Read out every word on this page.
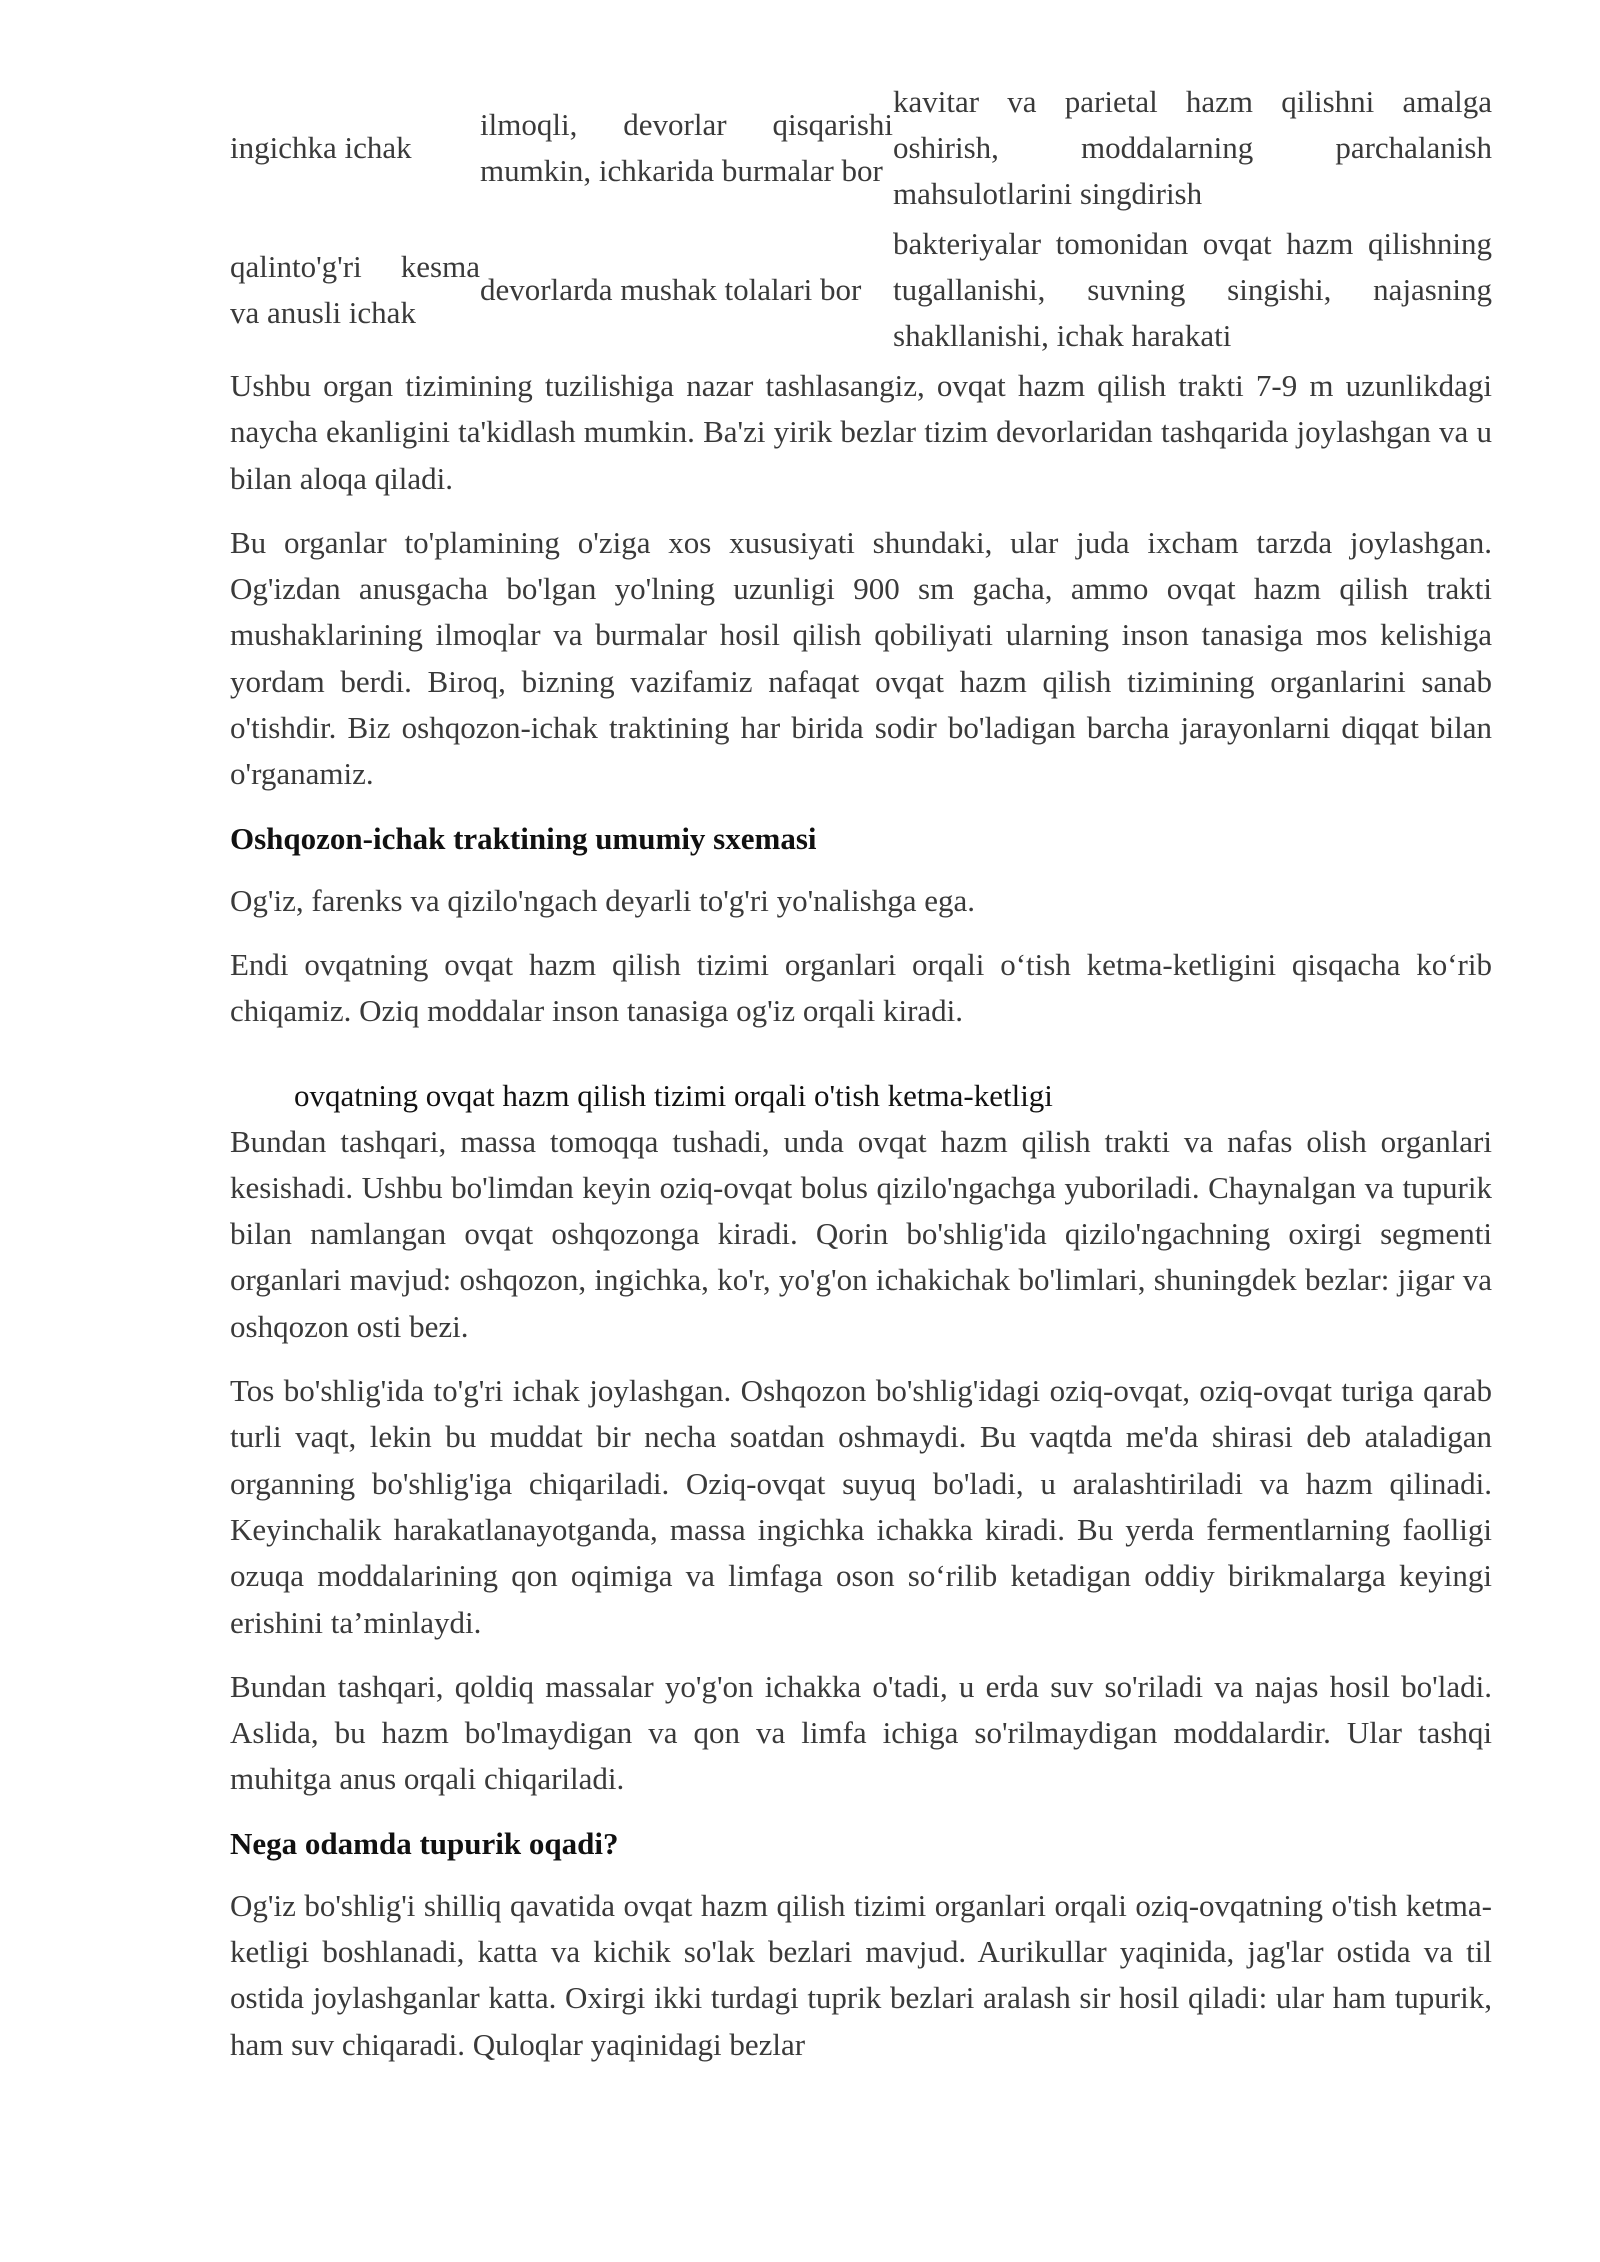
ingichka ichak	ilmoqli, devorlar qisqarishi mumkin, ichkarida burmalar bor	kavitar va parietal hazm qilishni amalga oshirish, moddalarning parchalanish mahsulotlarini singdirish

qalinto'g'ri kesma va anusli ichak	devorlarda mushak tolalari bor	bakteriyalar tomonidan ovqat hazm qilishning tugallanishi, suvning singishi, najasning shakllanishi, ichak harakati

Ushbu organ tizimining tuzilishiga nazar tashlasangiz, ovqat hazm qilish trakti 7-9 m uzunlikdagi naycha ekanligini ta'kidlash mumkin. Ba'zi yirik bezlar tizim devorlaridan tashqarida joylashgan va u bilan aloqa qiladi.

Bu organlar to'plamining o'ziga xos xususiyati shundaki, ular juda ixcham tarzda joylashgan. Og'izdan anusgacha bo'lgan yo'lning uzunligi 900 sm gacha, ammo ovqat hazm qilish trakti mushaklarining ilmoqlar va burmalar hosil qilish qobiliyati ularning inson tanasiga mos kelishiga yordam berdi. Biroq, bizning vazifamiz nafaqat ovqat hazm qilish tizimining organlarini sanab o'tishdir. Biz oshqozon-ichak traktining har birida sodir bo'ladigan barcha jarayonlarni diqqat bilan o'rganamiz.

Oshqozon-ichak traktining umumiy sxemasi

Og'iz, farenks va qizilo'ngach deyarli to'g'ri yo'nalishga ega.

Endi ovqatning ovqat hazm qilish tizimi organlari orqali o‘tish ketma-ketligini qisqacha ko‘rib chiqamiz. Oziq moddalar inson tanasiga og'iz orqali kiradi.

ovqatning ovqat hazm qilish tizimi orqali o'tish ketma-ketligi

Bundan tashqari, massa tomoqqa tushadi, unda ovqat hazm qilish trakti va nafas olish organlari kesishadi. Ushbu bo'limdan keyin oziq-ovqat bolus qizilo'ngachga yuboriladi. Chaynalgan va tupurik bilan namlangan ovqat oshqozonga kiradi. Qorin bo'shlig'ida qizilo'ngachning oxirgi segmenti organlari mavjud: oshqozon, ingichka, ko'r, yo'g'on ichakichak bo'limlari, shuningdek bezlar: jigar va oshqozon osti bezi.

Tos bo'shlig'ida to'g'ri ichak joylashgan. Oshqozon bo'shlig'idagi oziq-ovqat, oziq-ovqat turiga qarab turli vaqt, lekin bu muddat bir necha soatdan oshmaydi. Bu vaqtda me'da shirasi deb ataladigan organning bo'shlig'iga chiqariladi. Oziq-ovqat suyuq bo'ladi, u aralashtiriladi va hazm qilinadi. Keyinchalik harakatlanayotganda, massa ingichka ichakka kiradi. Bu yerda fermentlarning faolligi ozuqa moddalarining qon oqimiga va limfaga oson so‘rilib ketadigan oddiy birikmalarga keyingi erishini ta’minlaydi.

Bundan tashqari, qoldiq massalar yo'g'on ichakka o'tadi, u erda suv so'riladi va najas hosil bo'ladi. Aslida, bu hazm bo'lmaydigan va qon va limfa ichiga so'rilmaydigan moddalardir. Ular tashqi muhitga anus orqali chiqariladi.

Nega odamda tupurik oqadi?

Og'iz bo'shlig'i shilliq qavatida ovqat hazm qilish tizimi organlari orqali oziq-ovqatning o'tish ketma-ketligi boshlanadi, katta va kichik so'lak bezlari mavjud. Aurikullar yaqinida, jag'lar ostida va til ostida joylashganlar katta. Oxirgi ikki turdagi tuprik bezlari aralash sir hosil qiladi: ular ham tupurik, ham suv chiqaradi. Quloqlar yaqinidagi bezlar
